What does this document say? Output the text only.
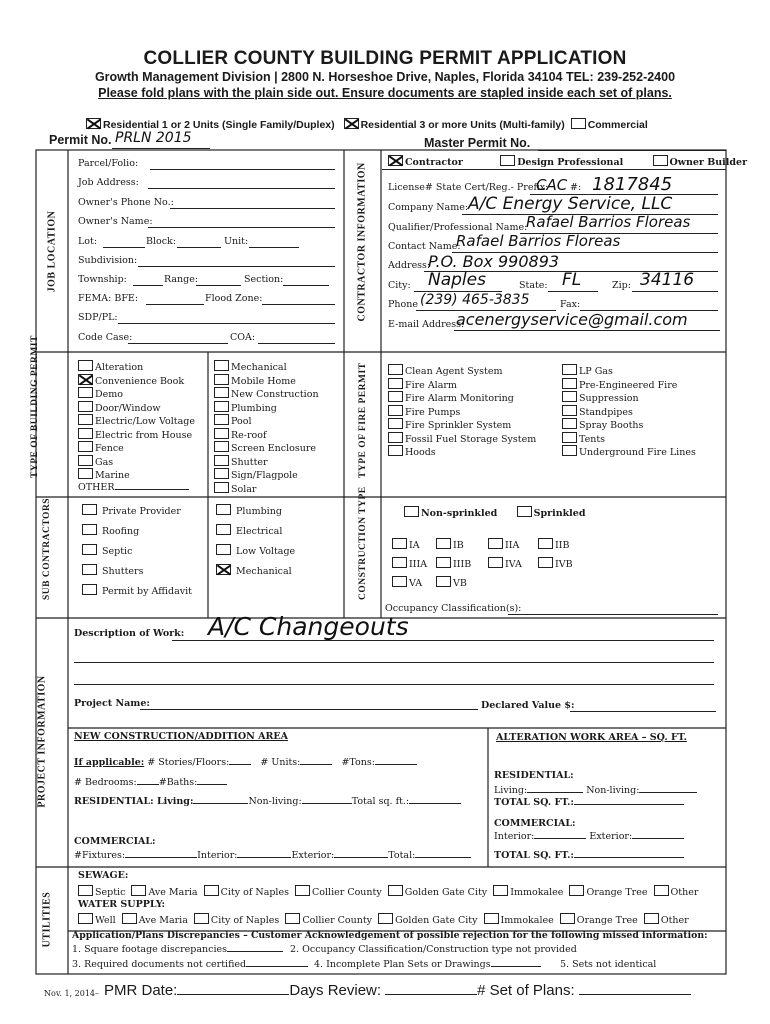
COLLIER COUNTY BUILDING PERMIT APPLICATION
Growth Management Division | 2800 N. Horseshoe Drive, Naples, Florida 34104 TEL: 239-252-2400
Please fold plans with the plain side out. Ensure documents are stapled inside each set of plans.
Residential 1 or 2 Units (Single Family/Duplex) Residential 3 or more Units (Multi-family) Commercial
Permit No. PRLN 2015	Master Permit No.
JOB LOCATION	CONTRACTOR INFORMATION
TYPE OF BUILDING PERMIT	TYPE OF FIRE PERMIT
SUB CONTRACTORS	CONSTRUCTION TYPE
PROJECT INFORMATION
UTILITIES
Parcel/Folio:
Job Address:
Owner's Phone No.:
Owner's Name:
Lot:	Block:	Unit:
Subdivision:
Township:	Range:	Section:
FEMA: BFE:	Flood Zone:
SDP/PL:
Code Case:	COA:
Contractor	Design Professional	Owner Builder
License# State Cert/Reg.- Prefix:
CAC #: 1817845
Company Name: A/C Energy Service, LLC
Qualifier/Professional Name:
Rafael Barrios Floreas
Contact Name:
Rafael Barrios Floreas
Address:
P.O. Box 990893
City: Naples	State: FL	Zip: 34116
Phone (239) 465-3835	Fax:
E-mail Address:
acenergyservice@gmail.com
Alteration
Convenience Book
Demo
Door/Window
Electric/Low Voltage
Electric from House
Fence
Gas
Marine
OTHER
Mechanical
Mobile Home
New Construction
Plumbing
Pool
Re-roof
Screen Enclosure
Shutter
Sign/Flagpole
Solar
Clean Agent System
Fire Alarm
Fire Alarm Monitoring
Fire Pumps
Fire Sprinkler System
Fossil Fuel Storage System
Hoods
LP Gas
Pre-Engineered Fire
Suppression
Standpipes
Spray Booths
Tents
Underground Fire Lines
Private Provider
Roofing
Septic
Shutters
Permit by Affidavit
Plumbing
Electrical
Low Voltage
Mechanical
Non-sprinkled	Sprinkled
IA	IB	IIA	IIB
IIIA	IIIB	IVA	IVB
VA	VB
Occupancy Classification(s):
Description of Work: A/C Changeouts
Project Name:	Declared Value $:
NEW CONSTRUCTION/ADDITION AREA	ALTERATION WORK AREA – SQ. FT.
If applicable: # Stories/Floors:	# Units:	#Tons:
# Bedrooms: #Baths:
RESIDENTIAL: Living:	Non-living:	Total sq. ft.:
COMMERCIAL:
#Fixtures:	Interior:	Exterior:	Total:
RESIDENTIAL:
Living:	Non-living:
TOTAL SQ. FT.:
COMMERCIAL:
Interior:	Exterior:
TOTAL SQ. FT.:
SEWAGE:
Septic Ave Maria City of Naples Collier County Golden Gate City Immokalee Orange Tree Other
WATER SUPPLY:
Well Ave Maria City of Naples Collier County Golden Gate City Immokalee Orange Tree Other
Application/Plans Discrepancies – Customer Acknowledgement of possible rejection for the following missed information:
1. Square footage discrepancies	2. Occupancy Classification/Construction type not provided
3. Required documents not certified	4. Incomplete Plan Sets or Drawings	5. Sets not identical
Nov. 1, 2014– PMR Date:	Days Review:	# Set of Plans:
